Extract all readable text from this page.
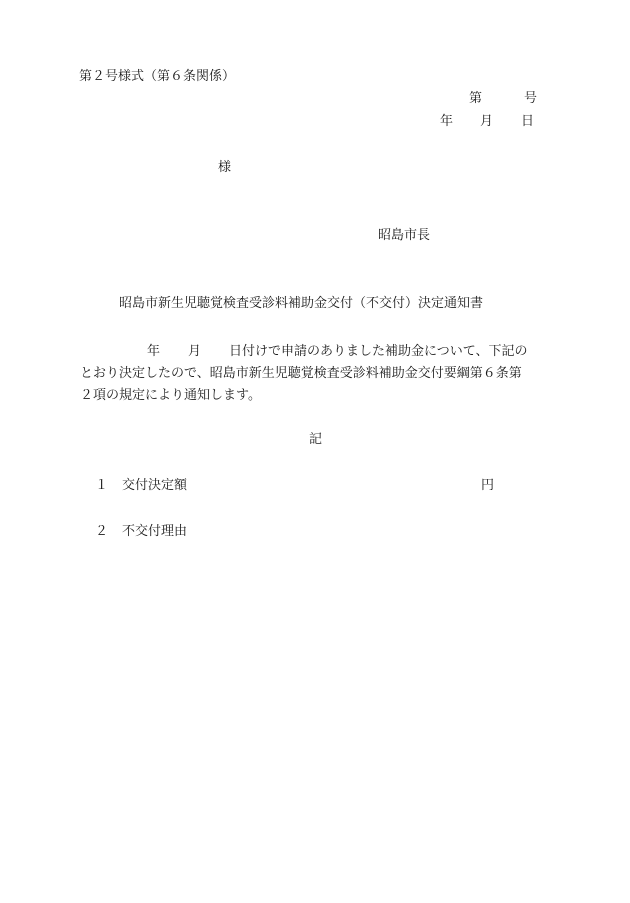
第２号様式（第６条関係）
第	号
年 月 日
様
昭島市長
昭島市新生児聴覚検査受診料補助金交付（不交付）決定通知書
年 月 日付けで申請のありました補助金について、下記の
とおり決定したので、昭島市新生児聴覚検査受診料補助金交付要綱第６条第
２項の規定により通知します。
記
１ 交付決定額	円
２ 不交付理由
